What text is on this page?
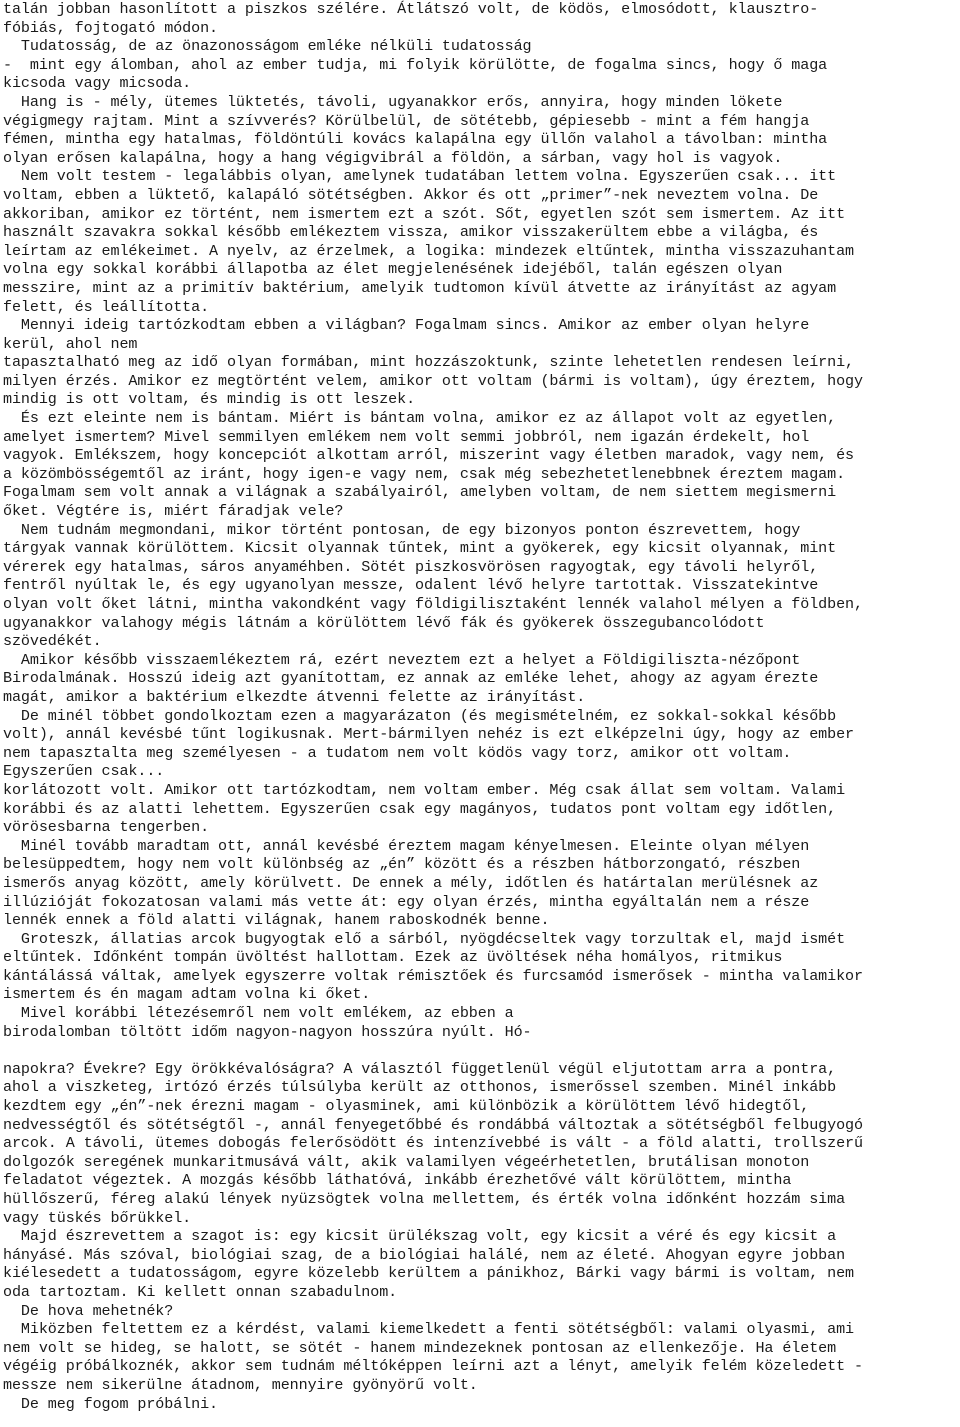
talán jobban hasonlított a piszkos szélére. Átlátszó volt, de ködös, elmosódott, klausztro-
fóbiás, fojtogató módon.
Tudatosság, de az önazonosságom emléke nélküli tudatosság
-  mint egy álomban, ahol az ember tudja, mi folyik körülötte, de fogalma sincs, hogy ő maga
kicsoda vagy micsoda.
Hang is - mély, ütemes lüktetés, távoli, ugyanakkor erős, annyira, hogy minden lökete
végigmegy rajtam. Mint a szívverés? Körülbelül, de sötétebb, gépiesebb - mint a fém hangja
fémen, mintha egy hatalmas, földöntúli kovács kalapálna egy üllőn valahol a távolban: mintha
olyan erősen kalapálna, hogy a hang végigvibrál a földön, a sárban, vagy hol is vagyok.
Nem volt testem - legalábbis olyan, amelynek tudatában lettem volna. Egyszerűen csak... itt
voltam, ebben a lüktető, kalapáló sötétségben. Akkor és ott „primer”-nek neveztem volna. De
akkoriban, amikor ez történt, nem ismertem ezt a szót. Sőt, egyetlen szót sem ismertem. Az itt
használt szavakra sokkal később emlékeztem vissza, amikor visszakerültem ebbe a világba, és
leírtam az emlékeimet. A nyelv, az érzelmek, a logika: mindezek eltűntek, mintha visszazuhantam
volna egy sokkal korábbi állapotba az élet megjelenésének idejéből, talán egészen olyan
messzire, mint az a primitív baktérium, amelyik tudtomon kívül átvette az irányítást az agyam
felett, és leállította.
Mennyi ideig tartózkodtam ebben a világban? Fogalmam sincs. Amikor az ember olyan helyre
kerül, ahol nem
tapasztalható meg az idő olyan formában, mint hozzászoktunk, szinte lehetetlen rendesen leírni,
milyen érzés. Amikor ez megtörtént velem, amikor ott voltam (bármi is voltam), úgy éreztem, hogy
mindig is ott voltam, és mindig is ott leszek.
És ezt eleinte nem is bántam. Miért is bántam volna, amikor ez az állapot volt az egyetlen,
amelyet ismertem? Mivel semmilyen emlékem nem volt semmi jobbról, nem igazán érdekelt, hol
vagyok. Emlékszem, hogy koncepciót alkottam arról, miszerint vagy életben maradok, vagy nem, és
a közömbösségemtől az iránt, hogy igen-e vagy nem, csak még sebezhetetlenebbnek éreztem magam.
Fogalmam sem volt annak a világnak a szabályairól, amelyben voltam, de nem siettem megismerni
őket. Végtére is, miért fáradjak vele?
Nem tudnám megmondani, mikor történt pontosan, de egy bizonyos ponton észrevettem, hogy
tárgyak vannak körülöttem. Kicsit olyannak tűntek, mint a gyökerek, egy kicsit olyannak, mint
vérerek egy hatalmas, sáros anyaméhben. Sötét piszkosvörösen ragyogtak, egy távoli helyről,
fentről nyúltak le, és egy ugyanolyan messze, odalent lévő helyre tartottak. Visszatekintve
olyan volt őket látni, mintha vakondként vagy földigilisztaként lennék valahol mélyen a földben,
ugyanakkor valahogy mégis látnám a körülöttem lévő fák és gyökerek összegubancolódott
szövedékét.
Amikor később visszaemlékeztem rá, ezért neveztem ezt a helyet a Földigiliszta-nézőpont
Birodalmának. Hosszú ideig azt gyanítottam, ez annak az emléke lehet, ahogy az agyam érezte
magát, amikor a baktérium elkezdte átvenni felette az irányítást.
De minél többet gondolkoztam ezen a magyarázaton (és megismételném, ez sokkal-sokkal később
volt), annál kevésbé tűnt logikusnak. Mert-bármilyen nehéz is ezt elképzelni úgy, hogy az ember
nem tapasztalta meg személyesen - a tudatom nem volt ködös vagy torz, amikor ott voltam.
Egyszerűen csak...
korlátozott volt. Amikor ott tartózkodtam, nem voltam ember. Még csak állat sem voltam. Valami
korábbi és az alatti lehettem. Egyszerűen csak egy magányos, tudatos pont voltam egy időtlen,
vörösesbarna tengerben.
Minél tovább maradtam ott, annál kevésbé éreztem magam kényelmesen. Eleinte olyan mélyen
belesüppedtem, hogy nem volt különbség az „én” között és a részben hátborzongató, részben
ismerős anyag között, amely körülvett. De ennek a mély, időtlen és határtalan merülésnek az
illúzióját fokozatosan valami más vette át: egy olyan érzés, mintha egyáltalán nem a része
lennék ennek a föld alatti világnak, hanem raboskodnék benne.
Groteszk, állatias arcok bugyogtak elő a sárból, nyögdécseltek vagy torzultak el, majd ismét
eltűntek. Időnként tompán üvöltést hallottam. Ezek az üvöltések néha homályos, ritmikus
kántálássá váltak, amelyek egyszerre voltak rémisztőek és furcsamód ismerősek - mintha valamikor
ismertem és én magam adtam volna ki őket.
Mivel korábbi létezésemről nem volt emlékem, az ebben a
birodalomban töltött időm nagyon-nagyon hosszúra nyúlt. Hó-
napokra? Évekre? Egy örökkévalóságra? A választól függetlenül végül eljutottam arra a pontra,
ahol a viszketeg, irtózó érzés túlsúlyba került az otthonos, ismerőssel szemben. Minél inkább
kezdtem egy „én”-nek érezni magam - olyasminek, ami különbözik a körülöttem lévő hidegtől,
nedvességtől és sötétségtől -, annál fenyegetőbbé és rondábbá változtak a sötétségből felbugyogó
arcok. A távoli, ütemes dobogás felerősödött és intenzívebbé is vált - a föld alatti, trollszerű
dolgozók seregének munkaritmusává vált, akik valamilyen végeérhetetlen, brutálisan monoton
feladatot végeztek. A mozgás később láthatóvá, inkább érezhetővé vált körülöttem, mintha
hüllőszerű, féreg alakú lények nyüzsögtek volna mellettem, és érték volna időnként hozzám sima
vagy tüskés bőrükkel.
Majd észrevettem a szagot is: egy kicsit ürülékszag volt, egy kicsit a véré és egy kicsit a
hányásé. Más szóval, biológiai szag, de a biológiai halálé, nem az életé. Ahogyan egyre jobban
kiélesedett a tudatosságom, egyre közelebb kerültem a pánikhoz, Bárki vagy bármi is voltam, nem
oda tartoztam. Ki kellett onnan szabadulnom.
De hova mehetnék?
Miközben feltettem ez a kérdést, valami kiemelkedett a fenti sötétségből: valami olyasmi, ami
nem volt se hideg, se halott, se sötét - hanem mindezeknek pontosan az ellenkezője. Ha életem
végéig próbálkoznék, akkor sem tudnám méltóképpen leírni azt a lényt, amelyik felém közeledett -
messze nem sikerülne átadnom, mennyire gyönyörű volt.
De meg fogom próbálni.
